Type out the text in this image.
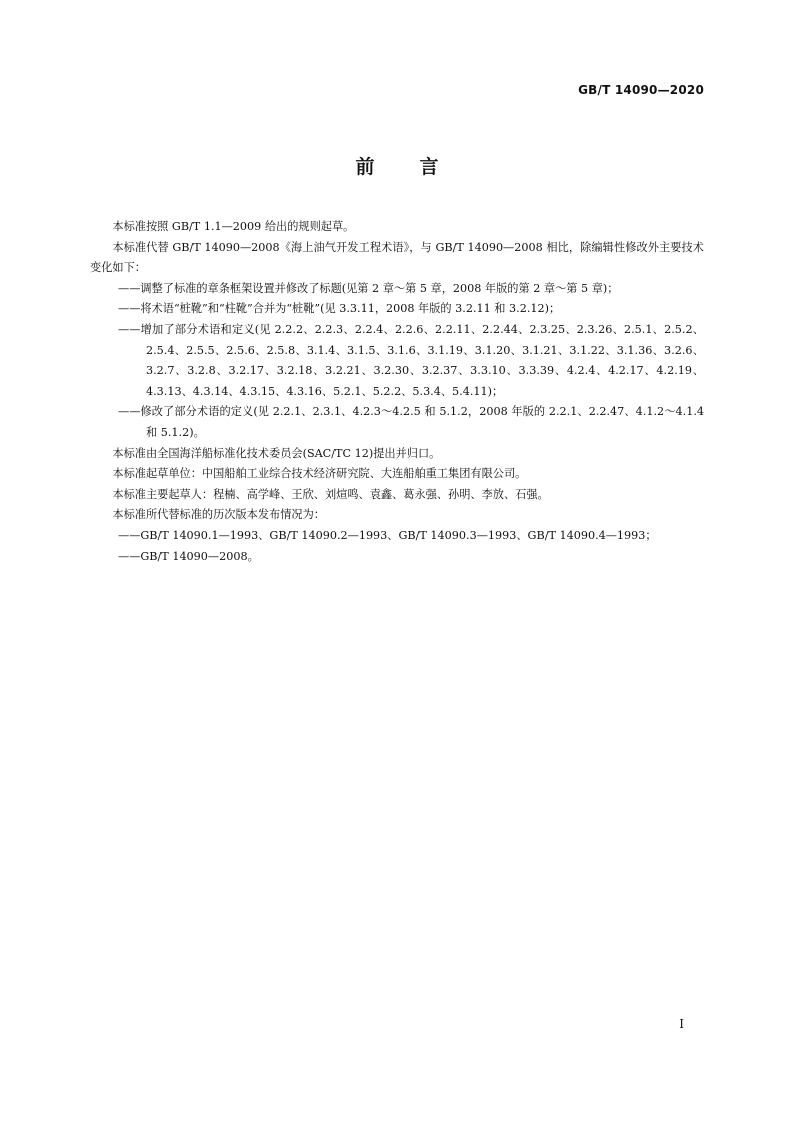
GB/T 14090—2020
前言

本标准按照 GB/T 1.1—2009 给出的规则起草。

本标准代替 GB/T 14090—2008《海上油气开发工程术语》，与 GB/T 14090—2008 相比，除编辑性修改外主要技术变化如下：

——调整了标准的章条框架设置并修改了标题(见第 2 章～第 5 章，2008 年版的第 2 章～第 5 章)；

——将术语“桩靴”和“柱靴”合并为“桩靴”(见 3.3.11，2008 年版的 3.2.11 和 3.2.12)；

——增加了部分术语和定义(见 2.2.2、2.2.3、2.2.4、2.2.6、2.2.11、2.2.44、2.3.25、2.3.26、2.5.1、2.5.2、2.5.4、2.5.5、2.5.6、2.5.8、3.1.4、3.1.5、3.1.6、3.1.19、3.1.20、3.1.21、3.1.22、3.1.36、3.2.6、3.2.7、3.2.8、3.2.17、3.2.18、3.2.21、3.2.30、3.2.37、3.3.10、3.3.39、4.2.4、4.2.17、4.2.19、4.3.13、4.3.14、4.3.15、4.3.16、5.2.1、5.2.2、5.3.4、5.4.11)；

——修改了部分术语的定义(见 2.2.1、2.3.1、4.2.3～4.2.5 和 5.1.2，2008 年版的 2.2.1、2.2.47、4.1.2～4.1.4 和 5.1.2)。

本标准由全国海洋船标准化技术委员会(SAC/TC 12)提出并归口。

本标准起草单位：中国船舶工业综合技术经济研究院、大连船舶重工集团有限公司。

本标准主要起草人：程楠、高学峰、王欣、刘煊鸣、袁鑫、葛永强、孙明、李放、石强。

本标准所代替标准的历次版本发布情况为：

——GB/T 14090.1—1993、GB/T 14090.2—1993、GB/T 14090.3—1993、GB/T 14090.4—1993；

——GB/T 14090—2008。

I
